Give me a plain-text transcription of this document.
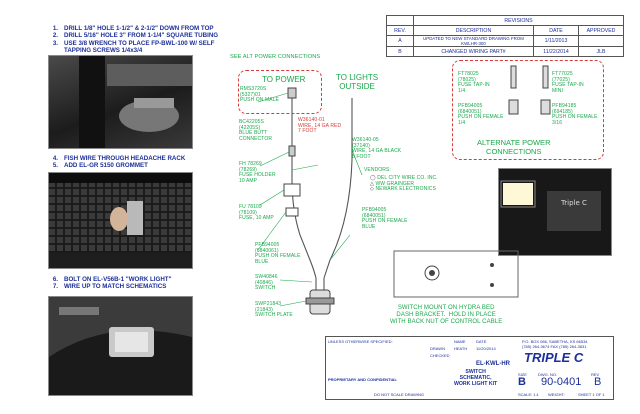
1. DRILL 1/8" HOLE 1-1/2" & 2-1/2" DOWN FROM TOP
2. DRILL 5/16" HOLE 3" FROM 1-1/4" SQUARE TUBING
3. USE 3/8 WRENCH TO PLACE FP-BWL-100 W/ SELF
TAPPING SCREWS 1/4x3/4
4. FISH WIRE THROUGH HEADACHE RACK
5. ADD EL-GR 5150 GROMMET
6. BOLT ON EL-V56B-1 "WORK LIGHT"
7. WIRE UP TO MATCH SCHEMATICS
	REVISIONS		
REV.	DESCRIPTION	DATE	APPROVED
A	UPDATED TO NEW STANDARD DRAWING FROM KWLHR-300	1/11/2013	
B	CHANGED WIRING PART#	11/22/2014	JLB
SEE ALT POWER CONNECTIONS
TO POWER	TO LIGHTS
OUTSIDE
RMS3720S
(5327)01
PUSH ON MALE
W36140-01
WIRE, 14 GA RED
7 FOOT
BC42205S
(42205S)
BLUE BUTT
CONNECTOR
FH 78269
(78269)
FUSE HOLDER
10 AMP
FU 78109
(78109)
FUSE, 10 AMP
W36140-05
(37140)
WIRE, 14 GA BLACK
8 FOOT
VENDORS:
◯ DEL CITY WIRE CO. INC.
△ WW GRAINGER
◇ NEWARK ELECTRONICS
PFB94005
(6840051)
PUSH ON FEMALE
BLUE
PFB94005
(6840061)
PUSH ON FEMALE
BLUE
SW40846
(40846)
SWITCH
SWP21843
(21843)
SWITCH PLATE
FT78025
(78025)
FUSE TAP-IN
1/4
PFB94005
(6840051)
PUSH ON FEMALE
1/4
FT77025
(77025)
FUSE TAP-IN
MINI
PFB94185
(694185)
PUSH ON FEMALE
3/16
ALTERNATE POWER
CONNECTIONS
Triple C
SWITCH MOUNT ON HYDRA BED
DASH BRACKET.  HOLD IN PLACE
WITH BACK NUT OF CONTROL CABLE
UNLESS OTHERWISE SPECIFIED:
PROPRIETARY AND CONFIDENTIAL
DO NOT SCALE DRAWING
NAME	DATE
DRAWN HEATH 11/20/2014
CHECKED
EL-KWL-HR
SWITCH
SCHEMATIC,
WORK LIGHT KIT
P.O. BOX 086, SABETHA, KS 66534
(785) 264-3674 FAX (785) 264-3631
TRIPLE C
SIZE
B
DWG. NO.
90-0401
REV
B
SCALE: 1:1 WEIGHT:	SHEET 1 OF 1
